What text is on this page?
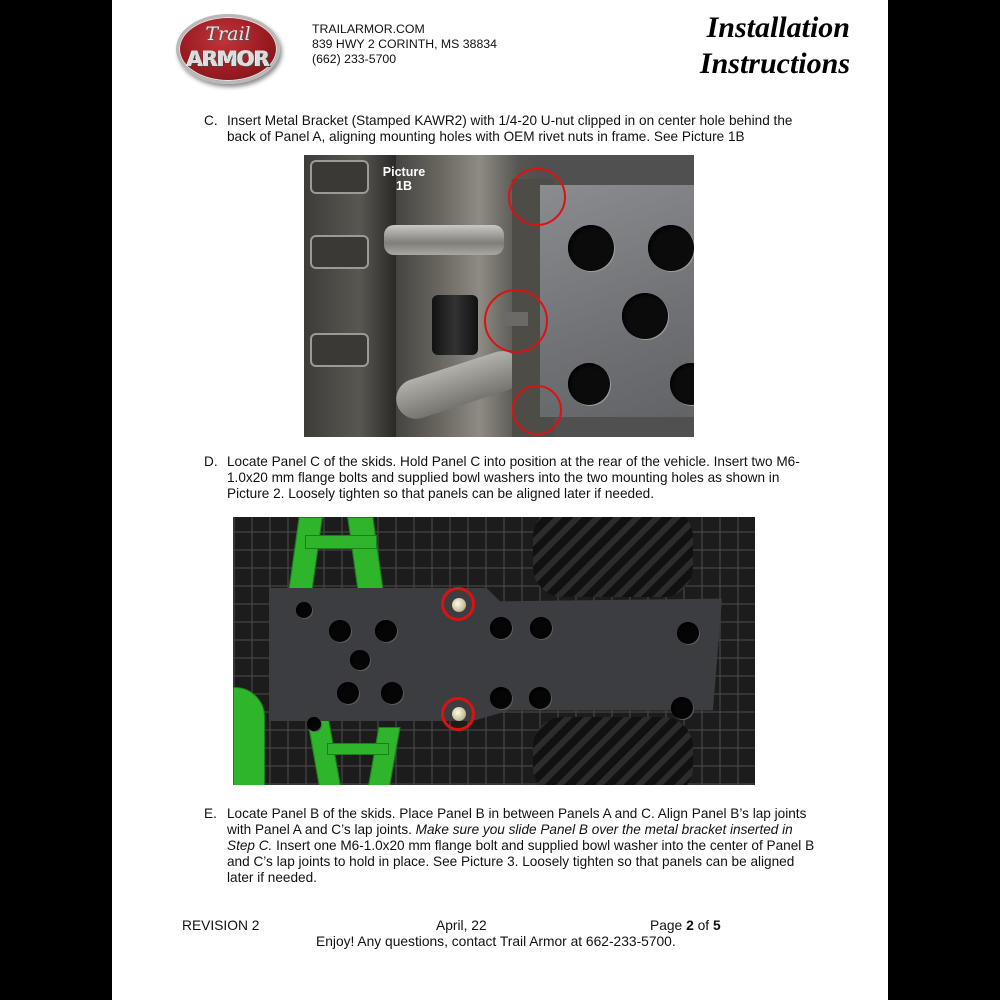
Trail
ARMOR
TRAILARMOR.COM
839 HWY 2 CORINTH, MS 38834
(662) 233-5700
Installation
Instructions
C. Insert Metal Bracket (Stamped KAWR2) with 1/4-20 U-nut clipped in on center hole behind the back of Panel A, aligning mounting holes with OEM rivet nuts in frame. See Picture 1B
Picture
1B
D. Locate Panel C of the skids. Hold Panel C into position at the rear of the vehicle. Insert two M6-1.0x20 mm flange bolts and supplied bowl washers into the two mounting holes as shown in Picture 2. Loosely tighten so that panels can be aligned later if needed.
E. Locate Panel B of the skids. Place Panel B in between Panels A and C. Align Panel B’s lap joints with Panel A and C’s lap joints. Make sure you slide Panel B over the metal bracket inserted in Step C. Insert one M6-1.0x20 mm flange bolt and supplied bowl washer into the center of Panel B and C’s lap joints to hold in place. See Picture 3. Loosely tighten so that panels can be aligned later if needed.
REVISION 2	April, 22	Page 2 of 5
Enjoy! Any questions, contact Trail Armor at 662-233-5700.
